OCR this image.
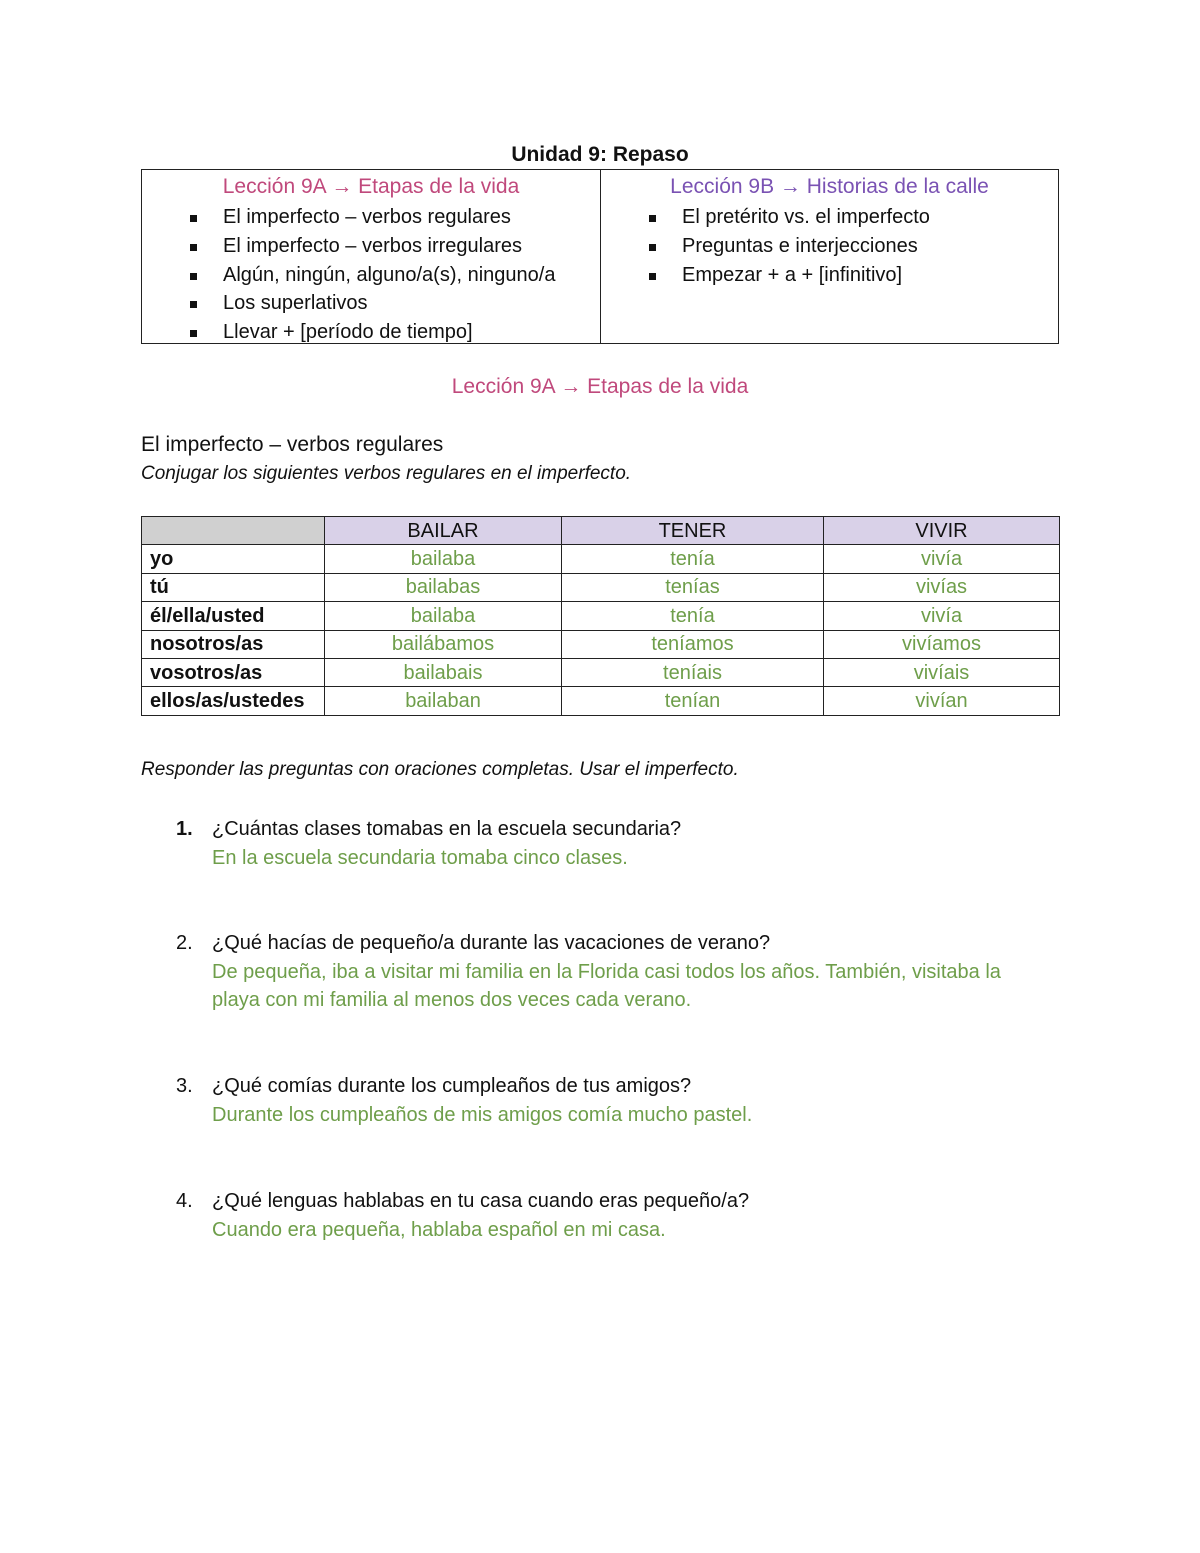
Unidad 9: Repaso
Lección 9A → Etapas de la vida
El imperfecto – verbos regulares
El imperfecto – verbos irregulares
Algún, ningún, alguno/a(s), ninguno/a
Los superlativos
Llevar + [período de tiempo]
Lección 9B → Historias de la calle
El pretérito vs. el imperfecto
Preguntas e interjecciones
Empezar + a + [infinitivo]
Lección 9A → Etapas de la vida
El imperfecto – verbos regulares
Conjugar los siguientes verbos regulares en el imperfecto.
	BAILAR	TENER	VIVIR
yo	bailaba	tenía	vivía
tú	bailabas	tenías	vivías
él/ella/usted	bailaba	tenía	vivía
nosotros/as	bailábamos	teníamos	vivíamos
vosotros/as	bailabais	teníais	vivíais
ellos/as/ustedes	bailaban	tenían	vivían
Responder las preguntas con oraciones completas. Usar el imperfecto.
1. ¿Cuántas clases tomabas en la escuela secundaria?
En la escuela secundaria tomaba cinco clases.
2. ¿Qué hacías de pequeño/a durante las vacaciones de verano?
De pequeña, iba a visitar mi familia en la Florida casi todos los años. También, visitaba la
playa con mi familia al menos dos veces cada verano.
3. ¿Qué comías durante los cumpleaños de tus amigos?
Durante los cumpleaños de mis amigos comía mucho pastel.
4. ¿Qué lenguas hablabas en tu casa cuando eras pequeño/a?
Cuando era pequeña, hablaba español en mi casa.
